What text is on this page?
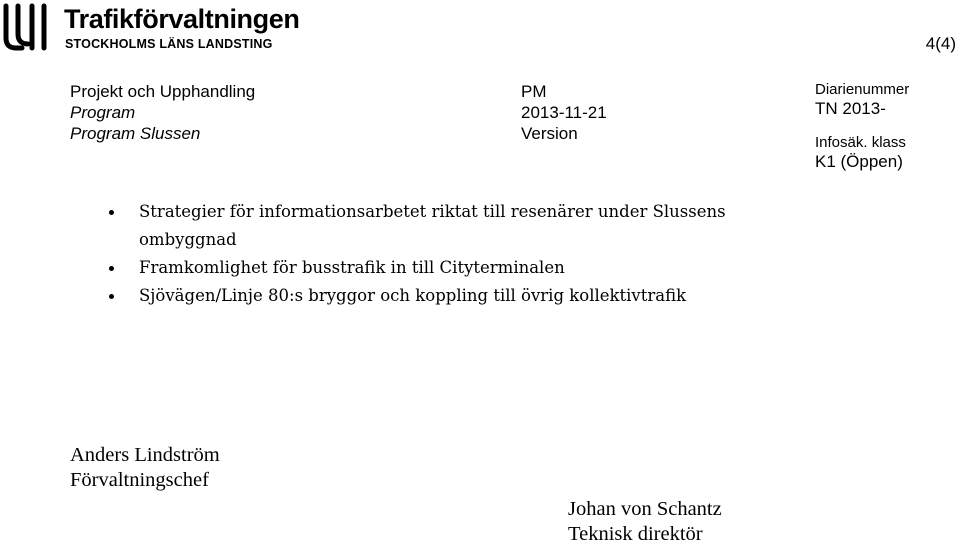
Trafikförvaltningen
STOCKHOLMS LÄNS LANDSTING	4(4)
Projekt och Upphandling
Program
Program Slussen
PM
2013-11-21
Version
Diarienummer
TN 2013-
Infosäk. klass
K1 (Öppen)
Strategier för informationsarbetet riktat till resenärer under Slussens ombyggnad
Framkomlighet för busstrafik in till Cityterminalen
Sjövägen/Linje 80:s bryggor och koppling till övrig kollektivtrafik
Anders Lindström
Förvaltningschef
Johan von Schantz
Teknisk direktör
